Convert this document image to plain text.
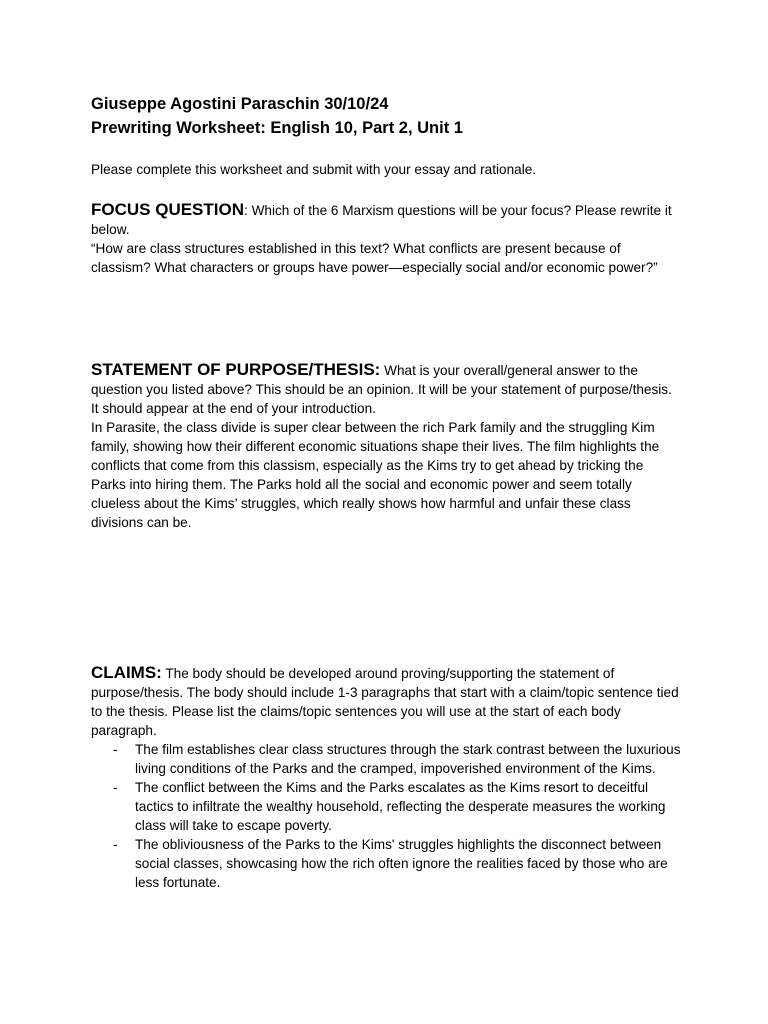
Giuseppe Agostini Paraschin 30/10/24

Prewriting Worksheet: English 10, Part 2, Unit 1

Please complete this worksheet and submit with your essay and rationale.

FOCUS QUESTION: Which of the 6 Marxism questions will be your focus? Please rewrite it below.

“How are class structures established in this text? What conflicts are present because of classism? What characters or groups have power—especially social and/or economic power?”

STATEMENT OF PURPOSE/THESIS: What is your overall/general answer to the question you listed above? This should be an opinion. It will be your statement of purpose/thesis. It should appear at the end of your introduction.

In Parasite, the class divide is super clear between the rich Park family and the struggling Kim family, showing how their different economic situations shape their lives. The film highlights the conflicts that come from this classism, especially as the Kims try to get ahead by tricking the Parks into hiring them. The Parks hold all the social and economic power and seem totally clueless about the Kims’ struggles, which really shows how harmful and unfair these class divisions can be.

CLAIMS: The body should be developed around proving/supporting the statement of purpose/thesis. The body should include 1-3 paragraphs that start with a claim/topic sentence tied to the thesis. Please list the claims/topic sentences you will use at the start of each body paragraph.

- The film establishes clear class structures through the stark contrast between the luxurious living conditions of the Parks and the cramped, impoverished environment of the Kims.
- The conflict between the Kims and the Parks escalates as the Kims resort to deceitful tactics to infiltrate the wealthy household, reflecting the desperate measures the working class will take to escape poverty.
- The obliviousness of the Parks to the Kims' struggles highlights the disconnect between social classes, showcasing how the rich often ignore the realities faced by those who are less fortunate.
